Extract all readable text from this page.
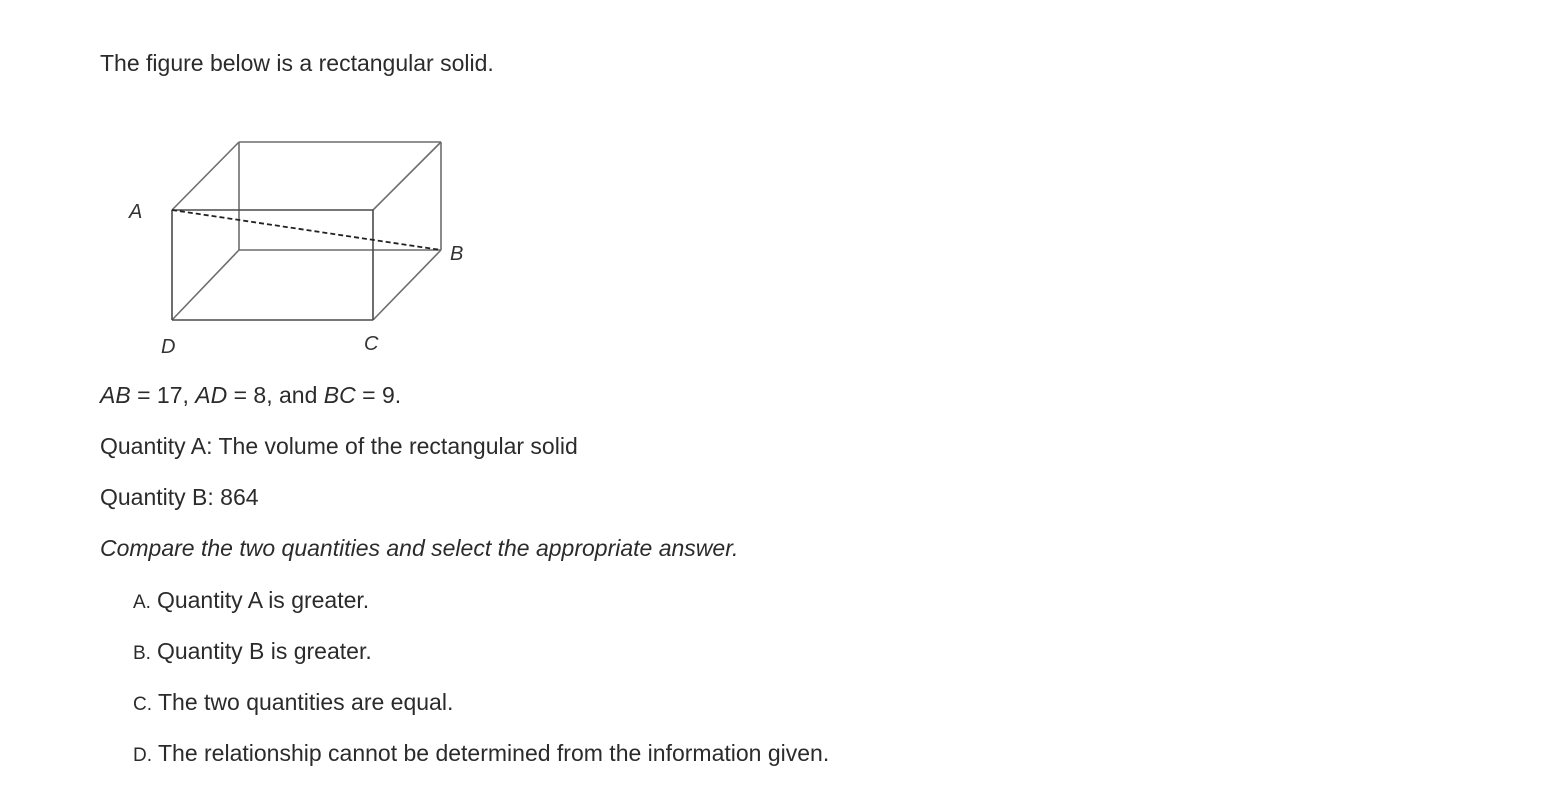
The figure below is a rectangular solid.
A
B
D	C
AB = 17, AD = 8, and BC = 9.
Quantity A: The volume of the rectangular solid
Quantity B: 864
Compare the two quantities and select the appropriate answer.
A. Quantity A is greater.
B. Quantity B is greater.
C. The two quantities are equal.
D. The relationship cannot be determined from the information given.
